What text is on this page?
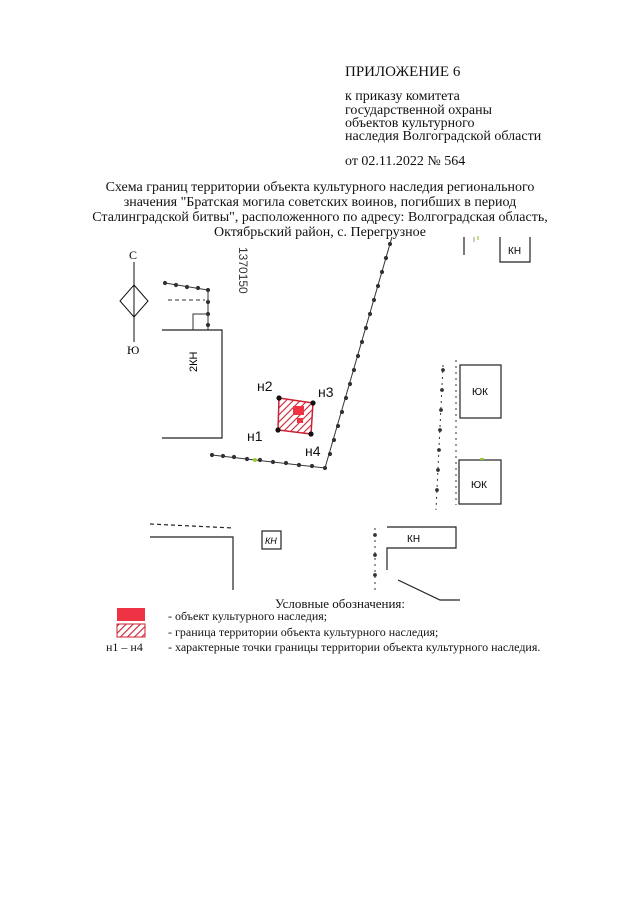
ПРИЛОЖЕНИЕ 6
к приказу комитета
государственной охраны
объектов культурного
наследия Волгоградской области
от 02.11.2022 № 564
Схема границ территории объекта культурного наследия регионального
значения "Братская могила советских воинов, погибших в период
Сталинградской битвы", расположенного по адресу: Волгоградская область,
Октябрьский район, с. Перегрузное
С
Ю
1370150
2КН
н2	н3
н4
н1
КН
ЮК
ЮК
КН
КН
Условные обозначения:
- объект культурного наследия;
- граница территории объекта культурного наследия;
н1 – н4 - характерные точки границы территории объекта культурного наследия.
